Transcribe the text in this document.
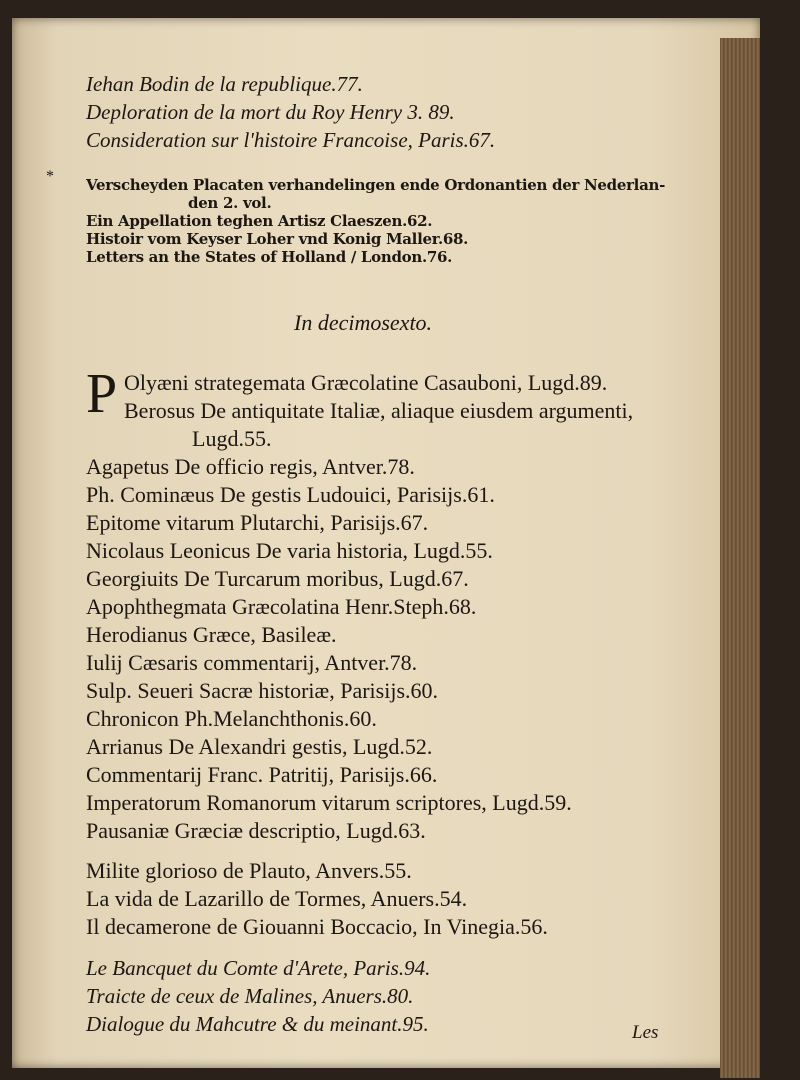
Iehan Bodin de la republique.77.
Deploration de la mort du Roy Henry 3. 89.
Consideration sur l'histoire Francoise, Paris.67.
* Verscheyden Placaten verhandelingen ende Ordonantien der Nederlan-
den 2. vol.
Ein Appellation teghen Artisz Claeszen.62.
Histoir vom Keyser Loher vnd Konig Maller.68.
Letters an the States of Holland / London.76.
In decimosexto.
P Olyæni strategemata Græcolatine Casauboni, Lugd.89.
Berosus De antiquitate Italiæ, aliaque eiusdem argumenti,
Lugd.55.
Agapetus De officio regis, Antver.78.
Ph. Cominæus De gestis Ludouici, Parisijs.61.
Epitome vitarum Plutarchi, Parisijs.67.
Nicolaus Leonicus De varia historia, Lugd.55.
Georgiuits De Turcarum moribus, Lugd.67.
Apophthegmata Græcolatina Henr.Steph.68.
Herodianus Græce, Basileæ.
Iulij Cæsaris commentarij, Antver.78.
Sulp. Seueri Sacræ historiæ, Parisijs.60.
Chronicon Ph.Melanchthonis.60.
Arrianus De Alexandri gestis, Lugd.52.
Commentarij Franc. Patritij, Parisijs.66.
Imperatorum Romanorum vitarum scriptores, Lugd.59.
Pausaniæ Græciæ descriptio, Lugd.63.
Milite glorioso de Plauto, Anvers.55.
La vida de Lazarillo de Tormes, Anuers.54.
Il decamerone de Giouanni Boccacio, In Vinegia.56.
Le Bancquet du Comte d'Arete, Paris.94.
Traicte de ceux de Malines, Anuers.80.
Dialogue du Mahcutre & du meinant.95.	Les
